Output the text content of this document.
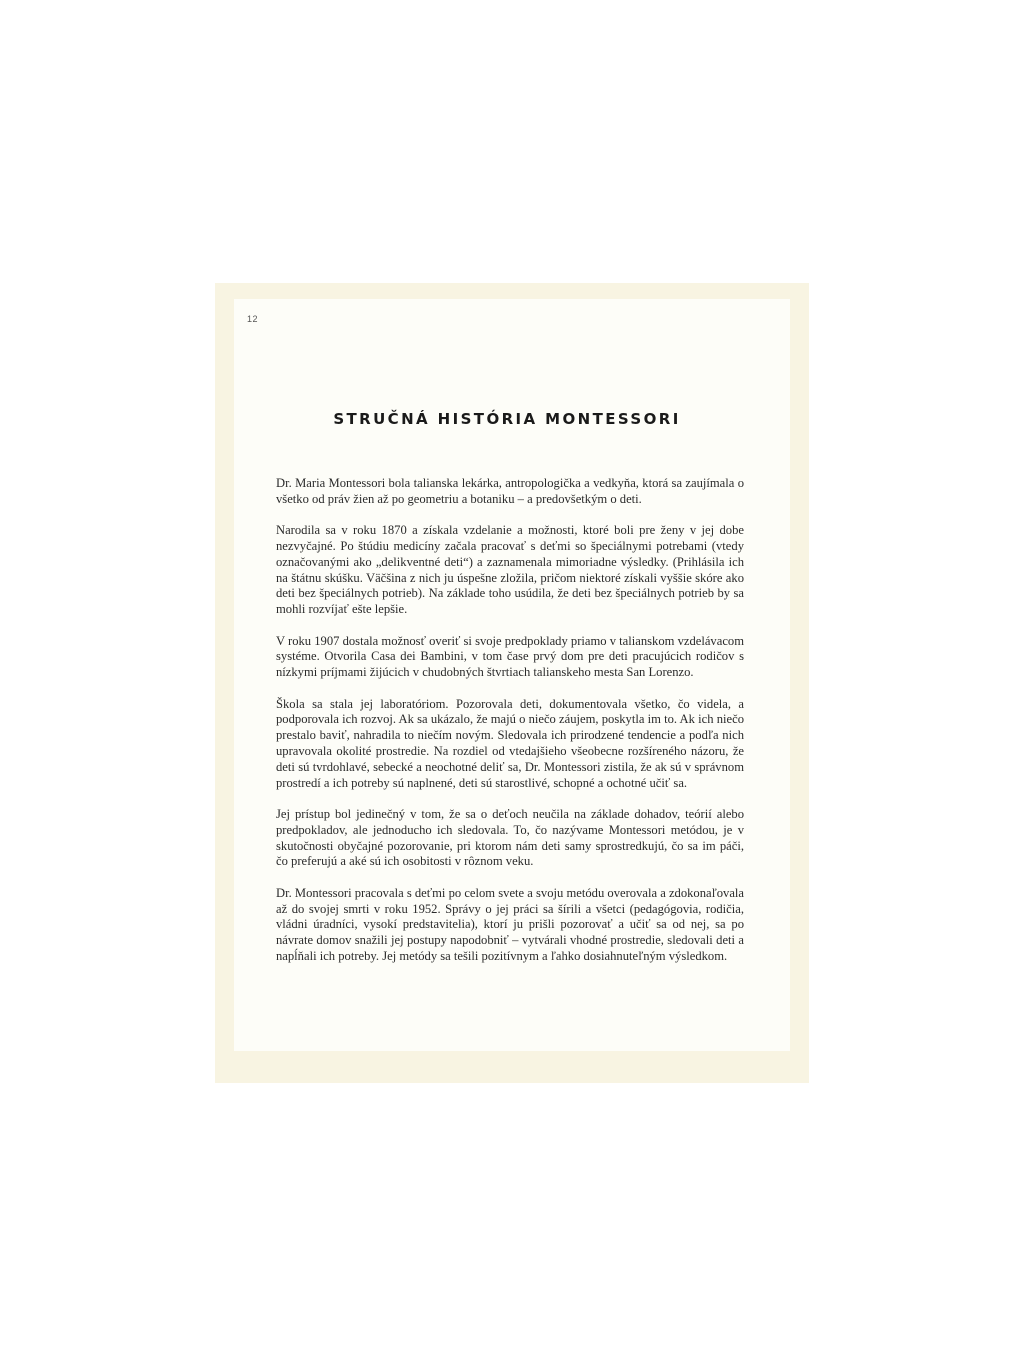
12
STRUČNÁ HISTÓRIA MONTESSORI

Dr. Maria Montessori bola talianska lekárka, antropologička a vedkyňa, ktorá sa zaujímala o všetko od práv žien až po geometriu a botaniku – a predovšetkým o deti.

Narodila sa v roku 1870 a získala vzdelanie a možnosti, ktoré boli pre ženy v jej dobe nezvyčajné. Po štúdiu medicíny začala pracovať s deťmi so špeciálnymi potrebami (vtedy označovanými ako „delikventné deti“) a zaznamenala mimoriadne výsledky. (Prihlásila ich na štátnu skúšku. Väčšina z nich ju úspešne zložila, pričom niektoré získali vyššie skóre ako deti bez špeciálnych potrieb). Na základe toho usúdila, že deti bez špeciálnych potrieb by sa mohli rozvíjať ešte lepšie.

V roku 1907 dostala možnosť overiť si svoje predpoklady priamo v talianskom vzdelávacom systéme. Otvorila Casa dei Bambini, v tom čase prvý dom pre deti pracujúcich rodičov s nízkymi príjmami žijúcich v chudobných štvrtiach talianskeho mesta San Lorenzo.

Škola sa stala jej laboratóriom. Pozorovala deti, dokumentovala všetko, čo videla, a podporovala ich rozvoj. Ak sa ukázalo, že majú o niečo záujem, poskytla im to. Ak ich niečo prestalo baviť, nahradila to niečím novým. Sledovala ich prirodzené tendencie a podľa nich upravovala okolité prostredie. Na rozdiel od vtedajšieho všeobecne rozšíreného názoru, že deti sú tvrdohlavé, sebecké a neochotné deliť sa, Dr. Montessori zistila, že ak sú v správnom prostredí a ich potreby sú naplnené, deti sú starostlivé, schopné a ochotné učiť sa.

Jej prístup bol jedinečný v tom, že sa o deťoch neučila na základe dohadov, teórií alebo predpokladov, ale jednoducho ich sledovala. To, čo nazývame Montessori metódou, je v skutočnosti obyčajné pozorovanie, pri ktorom nám deti samy sprostredkujú, čo sa im páči, čo preferujú a aké sú ich osobitosti v rôznom veku.

Dr. Montessori pracovala s deťmi po celom svete a svoju metódu overovala a zdokonaľovala až do svojej smrti v roku 1952. Správy o jej práci sa šírili a všetci (pedagógovia, rodičia, vládni úradníci, vysokí predstavitelia), ktorí ju prišli pozorovať a učiť sa od nej, sa po návrate domov snažili jej postupy napodobniť – vytvárali vhodné prostredie, sledovali deti a napĺňali ich potreby. Jej metódy sa tešili pozitívnym a ľahko dosiahnuteľným výsledkom.
